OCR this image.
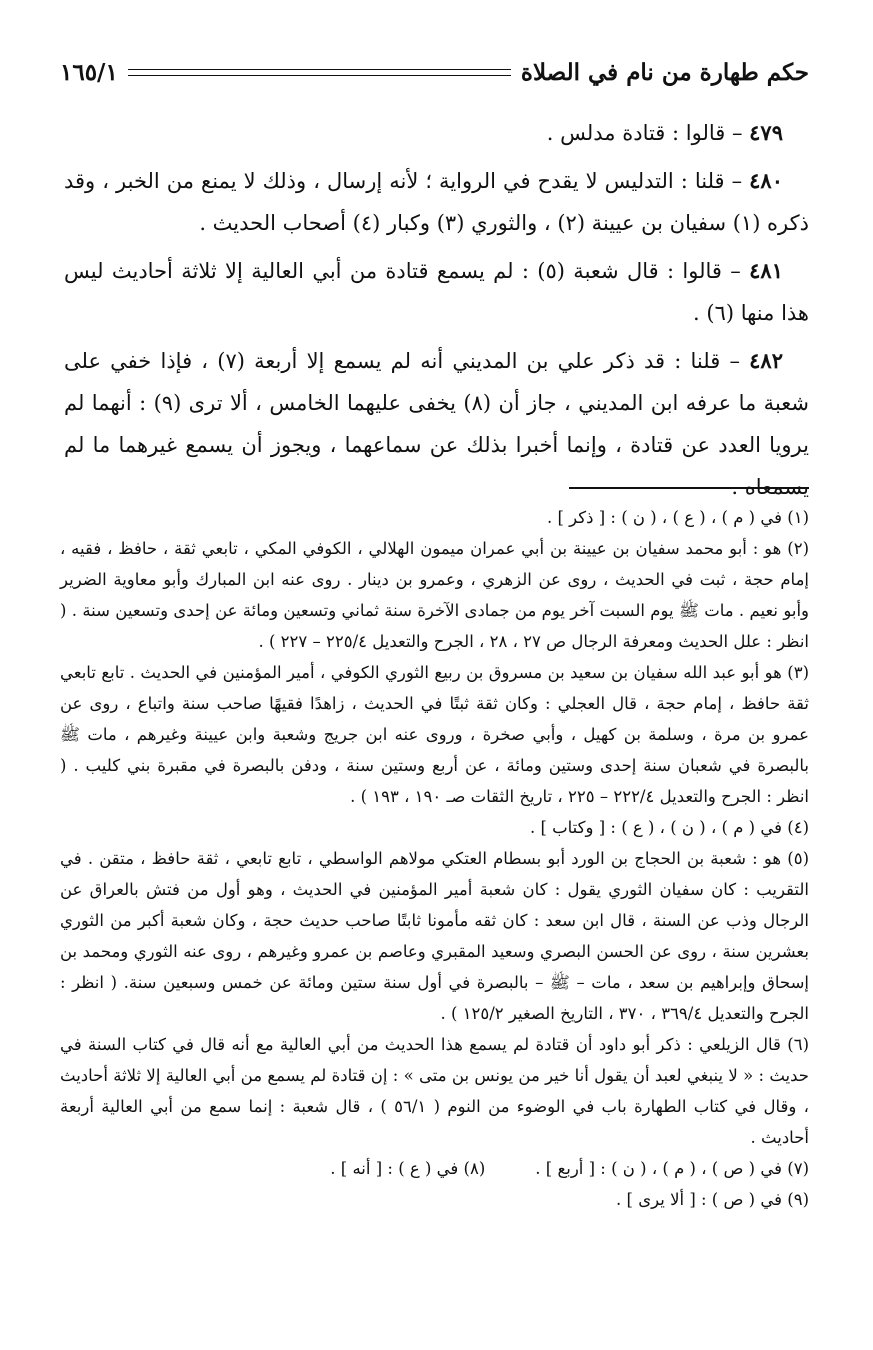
حكم طهارة من نام في الصلاة
١٦٥/١

٤٧٩ – قالوا : قتادة مدلس .

٤٨٠ – قلنا : التدليس لا يقدح في الرواية ؛ لأنه إرسال ، وذلك لا يمنع من الخبر ، وقد ذكره (١) سفيان بن عيينة (٢) ، والثوري (٣) وكبار (٤) أصحاب الحديث .

٤٨١ – قالوا : قال شعبة (٥) : لم يسمع قتادة من أبي العالية إلا ثلاثة أحاديث ليس هذا منها (٦) .

٤٨٢ – قلنا : قد ذكر علي بن المديني أنه لم يسمع إلا أربعة (٧) ، فإذا خفي على شعبة ما عرفه ابن المديني ، جاز أن (٨) يخفى عليهما الخامس ، ألا ترى (٩) : أنهما لم يرويا العدد عن قتادة ، وإنما أخبرا بذلك عن سماعهما ، ويجوز أن يسمع غيرهما ما لم يسمعاه .

(١) في ( م ) ، ( ع ) ، ( ن ) : [ ذكر ] .

(٢) هو : أبو محمد سفيان بن عيينة بن أبي عمران ميمون الهلالي ، الكوفي المكي ، تابعي ثقة ، حافظ ، فقيه ، إمام حجة ، ثبت في الحديث ، روى عن الزهري ، وعمرو بن دينار . روى عنه ابن المبارك وأبو معاوية الضرير وأبو نعيم . مات ﷺ يوم السبت آخر يوم من جمادى الآخرة سنة ثماني وتسعين ومائة عن إحدى وتسعين سنة . ( انظر : علل الحديث ومعرفة الرجال ص ٢٧ ، ٢٨ ، الجرح والتعديل ٢٢٥/٤ – ٢٢٧ ) .

(٣) هو أبو عبد الله سفيان بن سعيد بن مسروق بن ربيع الثوري الكوفي ، أمير المؤمنين في الحديث . تابع تابعي ثقة حافظ ، إمام حجة ، قال العجلي : وكان ثقة ثبتًا في الحديث ، زاهدًا فقيهًا صاحب سنة واتباع ، روى عن عمرو بن مرة ، وسلمة بن كهيل ، وأبي صخرة ، وروى عنه ابن جريج وشعبة وابن عيينة وغيرهم ، مات ﷺ بالبصرة في شعبان سنة إحدى وستين ومائة ، عن أربع وستين سنة ، ودفن بالبصرة في مقبرة بني كليب . ( انظر : الجرح والتعديل ٢٢٢/٤ – ٢٢٥ ، تاريخ الثقات صـ ١٩٠ ، ١٩٣ ) .

(٤) في ( م ) ، ( ن ) ، ( ع ) : [ وكتاب ] .

(٥) هو : شعبة بن الحجاج بن الورد أبو بسطام العتكي مولاهم الواسطي ، تابع تابعي ، ثقة حافظ ، متقن . في التقريب : كان سفيان الثوري يقول : كان شعبة أمير المؤمنين في الحديث ، وهو أول من فتش بالعراق عن الرجال وذب عن السنة ، قال ابن سعد : كان ثقه مأمونا ثابتًا صاحب حديث حجة ، وكان شعبة أكبر من الثوري بعشرين سنة ، روى عن الحسن البصري وسعيد المقبري وعاصم بن عمرو وغيرهم ، روى عنه الثوري ومحمد بن إسحاق وإبراهيم بن سعد ، مات – ﷺ – بالبصرة في أول سنة ستين ومائة عن خمس وسبعين سنة. ( انظر : الجرح والتعديل ٣٦٩/٤ ، ٣٧٠ ، التاريخ الصغير ١٢٥/٢ ) .

(٦) قال الزيلعي : ذكر أبو داود أن قتادة لم يسمع هذا الحديث من أبي العالية مع أنه قال في كتاب السنة في حديث : « لا ينبغي لعبد أن يقول أنا خير من يونس بن متى » : إن قتادة لم يسمع من أبي العالية إلا ثلاثة أحاديث ، وقال في كتاب الطهارة باب في الوضوء من النوم ( ٥٦/١ ) ، قال شعبة : إنما سمع من أبي العالية أربعة أحاديث .

(٧) في ( ص ) ، ( م ) ، ( ن ) : [ أربع ] .
(٨) في ( ع ) : [ أنه ] .

(٩) في ( ص ) : [ ألا يرى ] .
